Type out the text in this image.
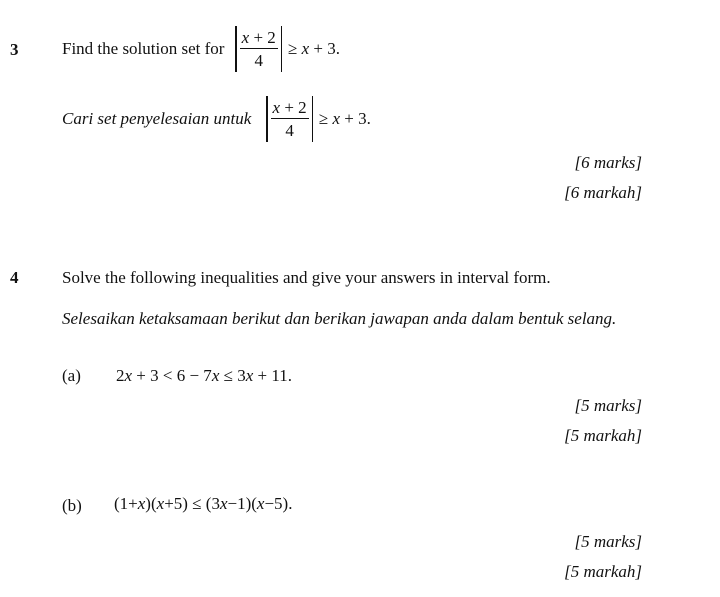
3	Find the solution set for $\frac{x + 2}{4} \ge x + 3$.
Cari set penyelesaian untuk $\frac{x + 2}{4} \ge x + 3$.
[6 marks]
[6 markah]
4	Solve the following inequalities and give your answers in interval form.
Selesaikan ketaksamaan berikut dan berikan jawapan anda dalam bentuk selang.
(a) 2x + 3 < 6 − 7x ≤ 3x + 11.
[5 marks]
[5 markah]
(b) (1+x)(x+5) ≤ (3x−1)(x−5).
[5 marks]
[5 markah]
